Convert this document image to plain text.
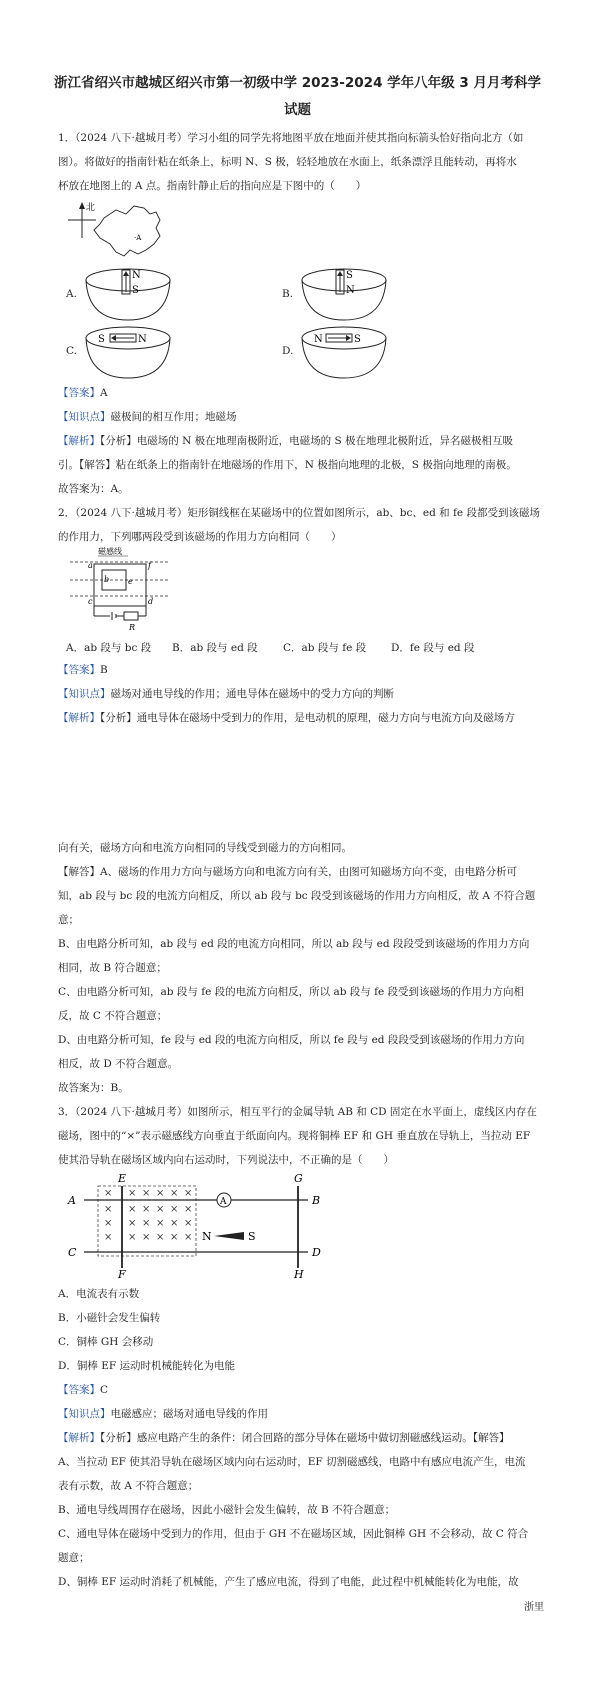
浙江省绍兴市越城区绍兴市第一初级中学 2023-2024 学年八年级 3 月月考科学
试题
1．（2024 八下·越城月考）学习小组的同学先将地图平放在地面并使其指向标箭头恰好指向北方（如
图）。将做好的指南针粘在纸条上，标明 N、S 极，轻轻地放在水面上，纸条漂浮且能转动，再将水
杯放在地图上的 A 点。指南针静止后的指向应是下图中的（　　）
北
·A
A.
N
S	B.
S
N
C.
S	N
D.
N	S
【答案】A
【知识点】磁极间的相互作用；地磁场
【解析】【分析】电磁场的 N 极在地理南极附近，电磁场的 S 极在地理北极附近，异名磁极相互吸
引。【解答】粘在纸条上的指南针在地磁场的作用下，N 极指向地理的北极，S 极指向地理的南极。
故答案为：A。
2．（2024 八下·越城月考）矩形铜线框在某磁场中的位置如图所示，ab、bc、ed 和 fe 段都受到该磁场
的作用力，下列哪两段受到该磁场的作用力方向相同（　　）
磁感线
a	f
b e
c	d
R
A．ab 段与 bc 段 B．ab 段与 ed 段 C．ab 段与 fe 段 D．fe 段与 ed 段
【答案】B
【知识点】磁场对通电导线的作用；通电导体在磁场中的受力方向的判断
【解析】【分析】通电导体在磁场中受到力的作用，是电动机的原理，磁力方向与电流方向及磁场方
向有关，磁场方向和电流方向相同的导线受到磁力的方向相同。
【解答】A、磁场的作用力方向与磁场方向和电流方向有关，由图可知磁场方向不变，由电路分析可
知，ab 段与 bc 段的电流方向相反，所以 ab 段与 bc 段受到该磁场的作用力方向相反，故 A 不符合题
意；
B、由电路分析可知，ab 段与 ed 段的电流方向相同，所以 ab 段与 ed 段段受到该磁场的作用力方向
相同，故 B 符合题意；
C、由电路分析可知，ab 段与 fe 段的电流方向相反，所以 ab 段与 fe 段受到该磁场的作用力方向相
反，故 C 不符合题意；
D、由电路分析可知，fe 段与 ed 段的电流方向相反，所以 fe 段与 ed 段段受到该磁场的作用力方向
相反，故 D 不符合题意。
故答案为：B。
3．（2024 八下·越城月考）如图所示，相互平行的金属导轨 AB 和 CD 固定在水平面上，虚线区内存在
磁场，图中的“×”表示磁感线方向垂直于纸面向内。现将铜棒 EF 和 GH 垂直放在导轨上，当拉动 EF
使其沿导轨在磁场区域内向右运动时，下列说法中，不正确的是（　　）
A	B
C	D
E
F
G
H
A
× × × × × ×
× × × × × ×
× × × × × ×
× × × × × × N	S
A．电流表有示数
B．小磁针会发生偏转
C．铜棒 GH 会移动
D．铜棒 EF 运动时机械能转化为电能
【答案】C
【知识点】电磁感应；磁场对通电导线的作用
【解析】【分析】感应电路产生的条件：闭合回路的部分导体在磁场中做切割磁感线运动。【解答】
A、当拉动 EF 使其沿导轨在磁场区域内向右运动时，EF 切割磁感线，电路中有感应电流产生，电流
表有示数，故 A 不符合题意；
B、通电导线周围存在磁场，因此小磁针会发生偏转，故 B 不符合题意；
C、通电导体在磁场中受到力的作用，但由于 GH 不在磁场区域，因此铜棒 GH 不会移动，故 C 符合
题意；
D、铜棒 EF 运动时消耗了机械能，产生了感应电流，得到了电能，此过程中机械能转化为电能，故
浙里
